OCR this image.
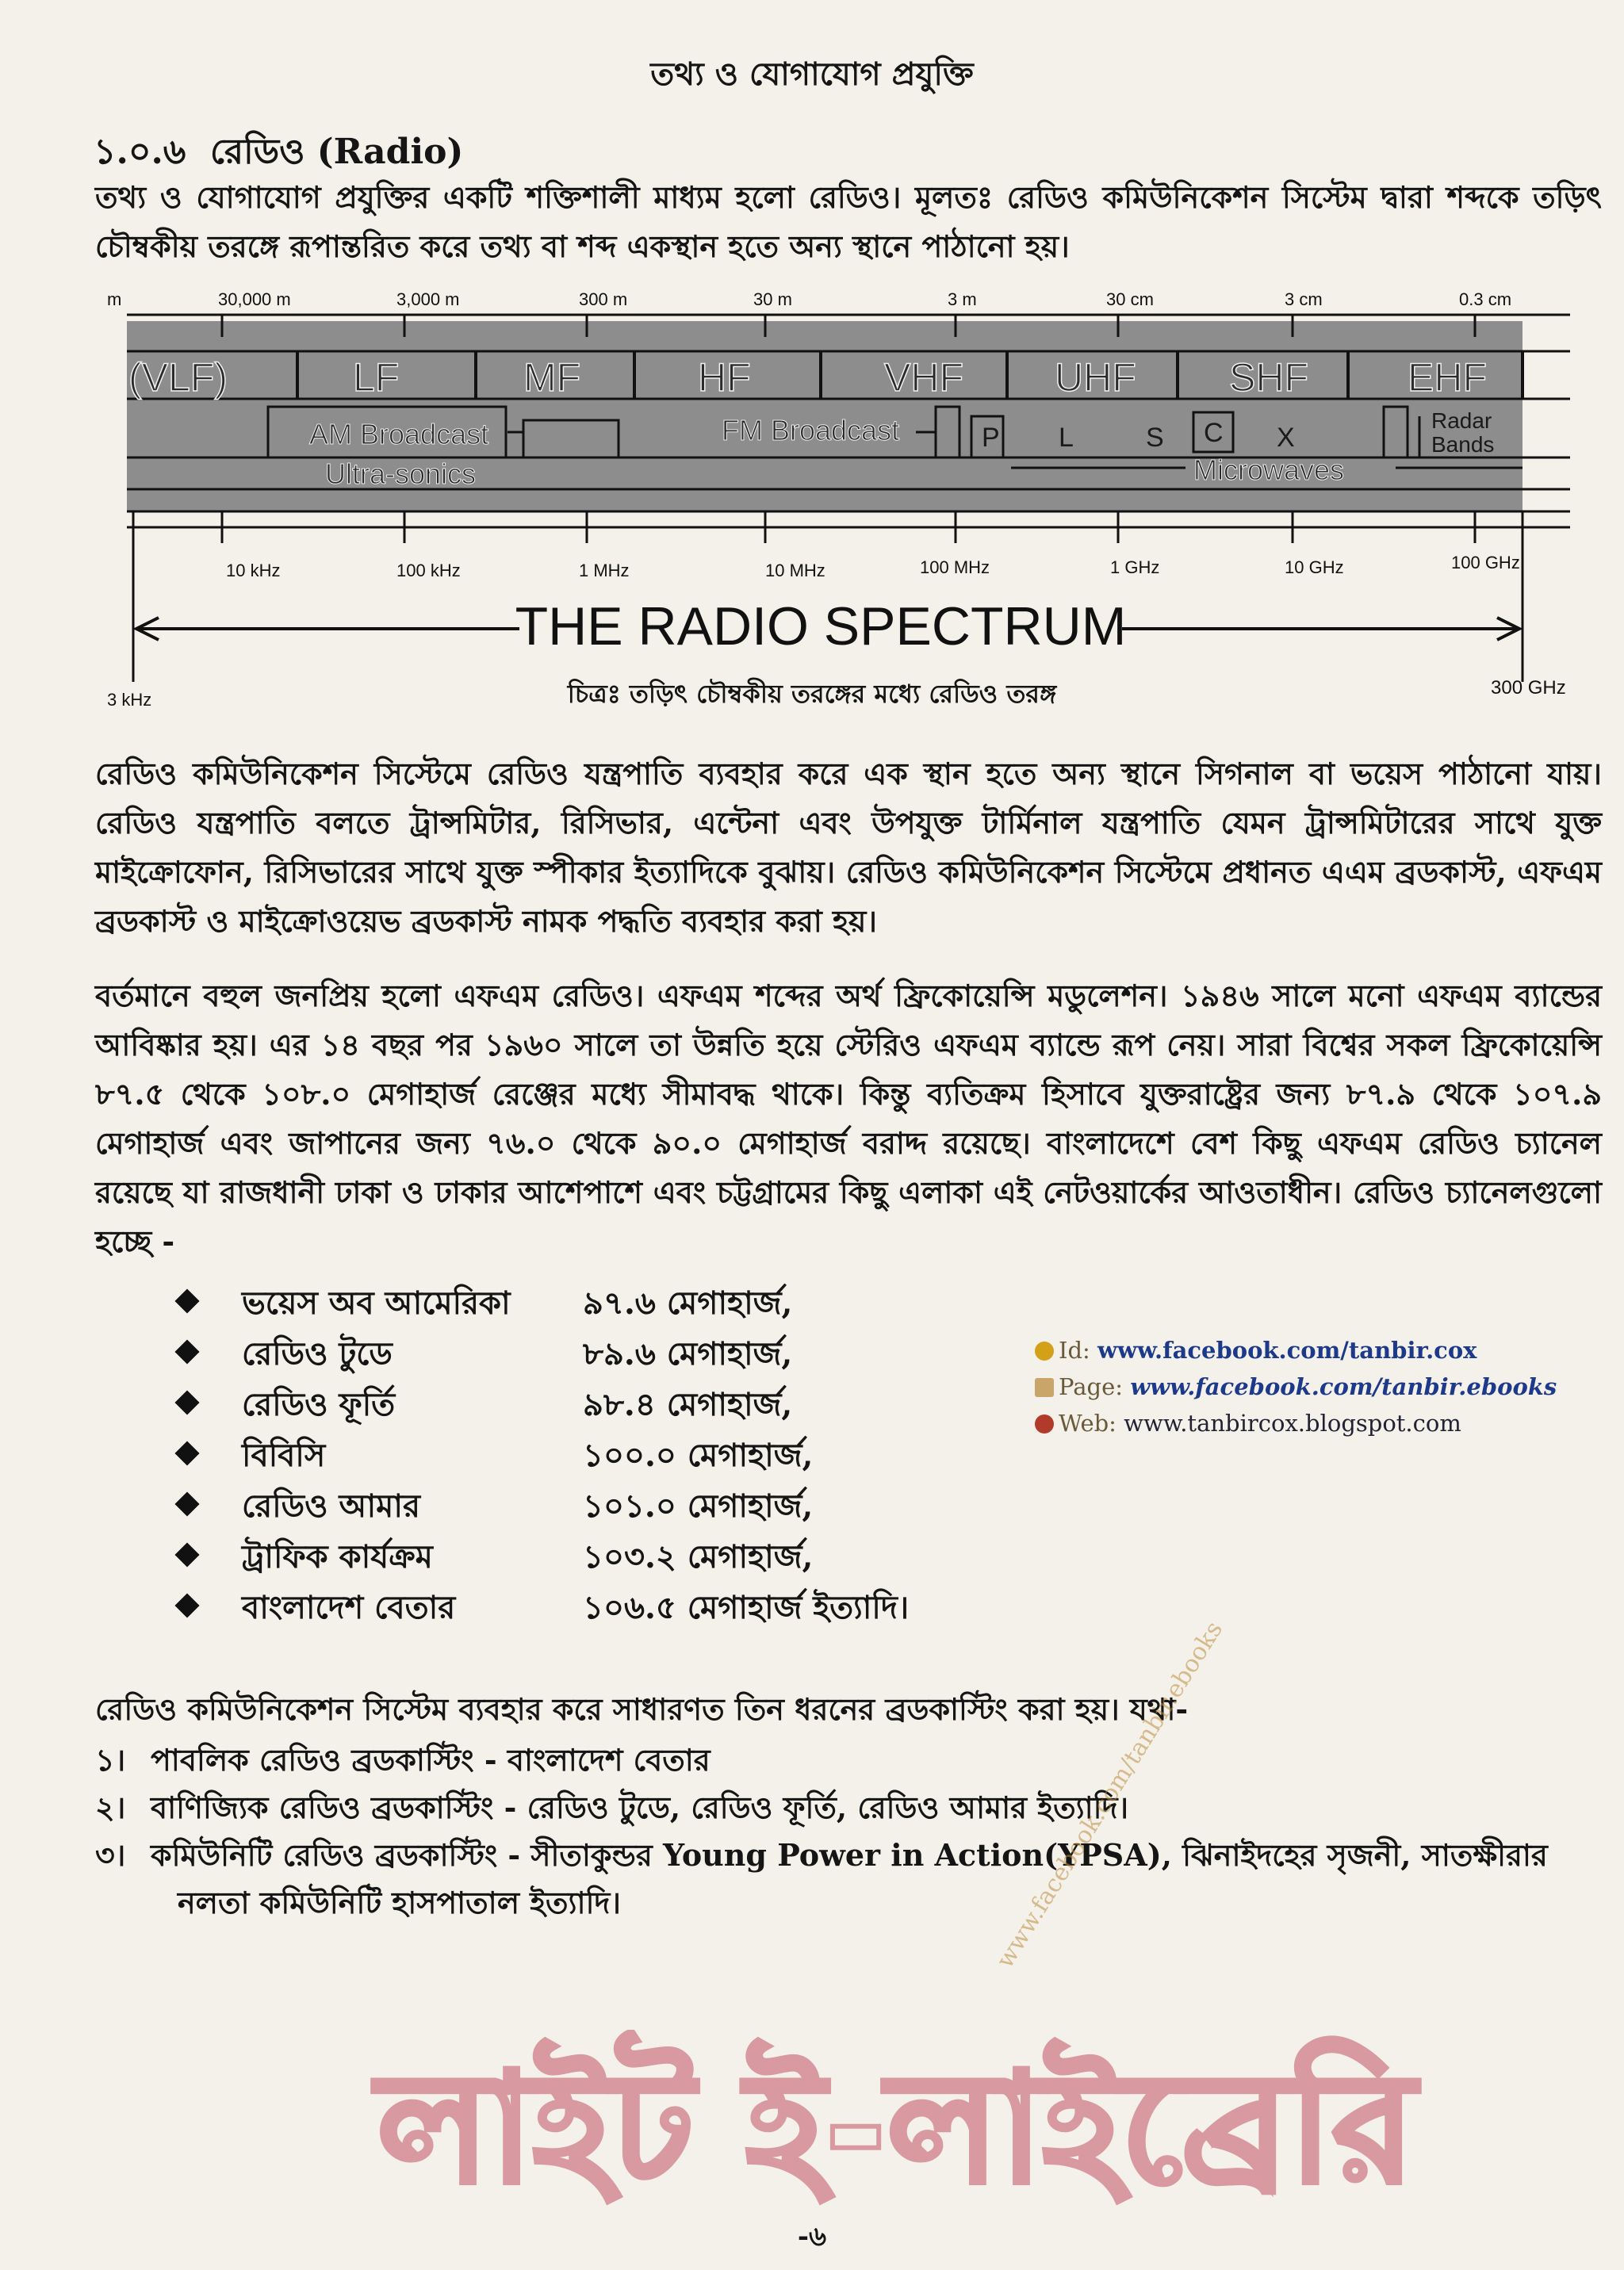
তথ্য ও যোগাযোগ প্রযুক্তি
১.০.৬ রেডিও (Radio)
তথ্য ও যোগাযোগ প্রযুক্তির একটি শক্তিশালী মাধ্যম হলো রেডিও। মূলতঃ রেডিও কমিউনিকেশন সিস্টেম দ্বারা শব্দকে তড়িৎ চৌম্বকীয় তরঙ্গে রূপান্তরিত করে তথ্য বা শব্দ একস্থান হতে অন্য স্থানে পাঠানো হয়।
m	30,000 m	3,000 m	300 m	30 m	3 m	30 cm	3 cm	0.3 cm
(VLF)	LF	MF	HF	VHF UHF SHF	EHF
AM Broadcast	FM Broadcast
Ultra-sonics	Microwaves
P L	S C X
Radar
Bands
10 kHz	100 kHz	1 MHz	10 MHz	100 MHz	1 GHz	10 GHz	100 GHz
THE RADIO SPECTRUM
3 kHz
300 GHz
চিত্রঃ তড়িৎ চৌম্বকীয় তরঙ্গের মধ্যে রেডিও তরঙ্গ
রেডিও কমিউনিকেশন সিস্টেমে রেডিও যন্ত্রপাতি ব্যবহার করে এক স্থান হতে অন্য স্থানে সিগনাল বা ভয়েস পাঠানো যায়। রেডিও যন্ত্রপাতি বলতে ট্রান্সমিটার, রিসিভার, এন্টেনা এবং উপযুক্ত টার্মিনাল যন্ত্রপাতি যেমন ট্রান্সমিটারের সাথে যুক্ত মাইক্রোফোন, রিসিভারের সাথে যুক্ত স্পীকার ইত্যাদিকে বুঝায়। রেডিও কমিউনিকেশন সিস্টেমে প্রধানত এএম ব্রডকাস্ট, এফএম ব্রডকাস্ট ও মাইক্রোওয়েভ ব্রডকাস্ট নামক পদ্ধতি ব্যবহার করা হয়।
বর্তমানে বহুল জনপ্রিয় হলো এফএম রেডিও। এফএম শব্দের অর্থ ফ্রিকোয়েন্সি মডুলেশন। ১৯৪৬ সালে মনো এফএম ব্যান্ডের আবিষ্কার হয়। এর ১৪ বছর পর ১৯৬০ সালে তা উন্নতি হয়ে স্টেরিও এফএম ব্যান্ডে রূপ নেয়। সারা বিশ্বের সকল ফ্রিকোয়েন্সি ৮৭.৫ থেকে ১০৮.০ মেগাহার্জ রেঞ্জের মধ্যে সীমাবদ্ধ থাকে। কিন্তু ব্যতিক্রম হিসাবে যুক্তরাষ্ট্রের জন্য ৮৭.৯ থেকে ১০৭.৯ মেগাহার্জ এবং জাপানের জন্য ৭৬.০ থেকে ৯০.০ মেগাহার্জ বরাদ্দ রয়েছে। বাংলাদেশে বেশ কিছু এফএম রেডিও চ্যানেল রয়েছে যা রাজধানী ঢাকা ও ঢাকার আশেপাশে এবং চট্টগ্রামের কিছু এলাকা এই নেটওয়ার্কের আওতাধীন। রেডিও চ্যানেলগুলো হচ্ছে -
ভয়েস অব আমেরিকা ৯৭.৬ মেগাহার্জ,
রেডিও টুডে	৮৯.৬ মেগাহার্জ,
রেডিও ফূর্তি	৯৮.৪ মেগাহার্জ,
বিবিসি	১০০.০ মেগাহার্জ,
রেডিও আমার	১০১.০ মেগাহার্জ,
ট্রাফিক কার্যক্রম	১০৩.২ মেগাহার্জ,
বাংলাদেশ বেতার	১০৬.৫ মেগাহার্জ ইত্যাদি।
Id: www.facebook.com/tanbir.cox
Page: www.facebook.com/tanbir.ebooks
Web: www.tanbircox.blogspot.com
রেডিও কমিউনিকেশন সিস্টেম ব্যবহার করে সাধারণত তিন ধরনের ব্রডকাস্টিং করা হয়। যথা-
১। পাবলিক রেডিও ব্রডকাস্টিং - বাংলাদেশ বেতার
২। বাণিজ্যিক রেডিও ব্রডকাস্টিং - রেডিও টুডে, রেডিও ফূর্তি, রেডিও আমার ইত্যাদি।
৩। কমিউনিটি রেডিও ব্রডকাস্টিং - সীতাকুন্ডর Young Power in Action(YPSA), ঝিনাইদহের সৃজনী, সাতক্ষীরার
নলতা কমিউনিটি হাসপাতাল ইত্যাদি।	www.facebook.com/tanbir.ebooks
লাইট ই-লাইব্রেরি
-৬
